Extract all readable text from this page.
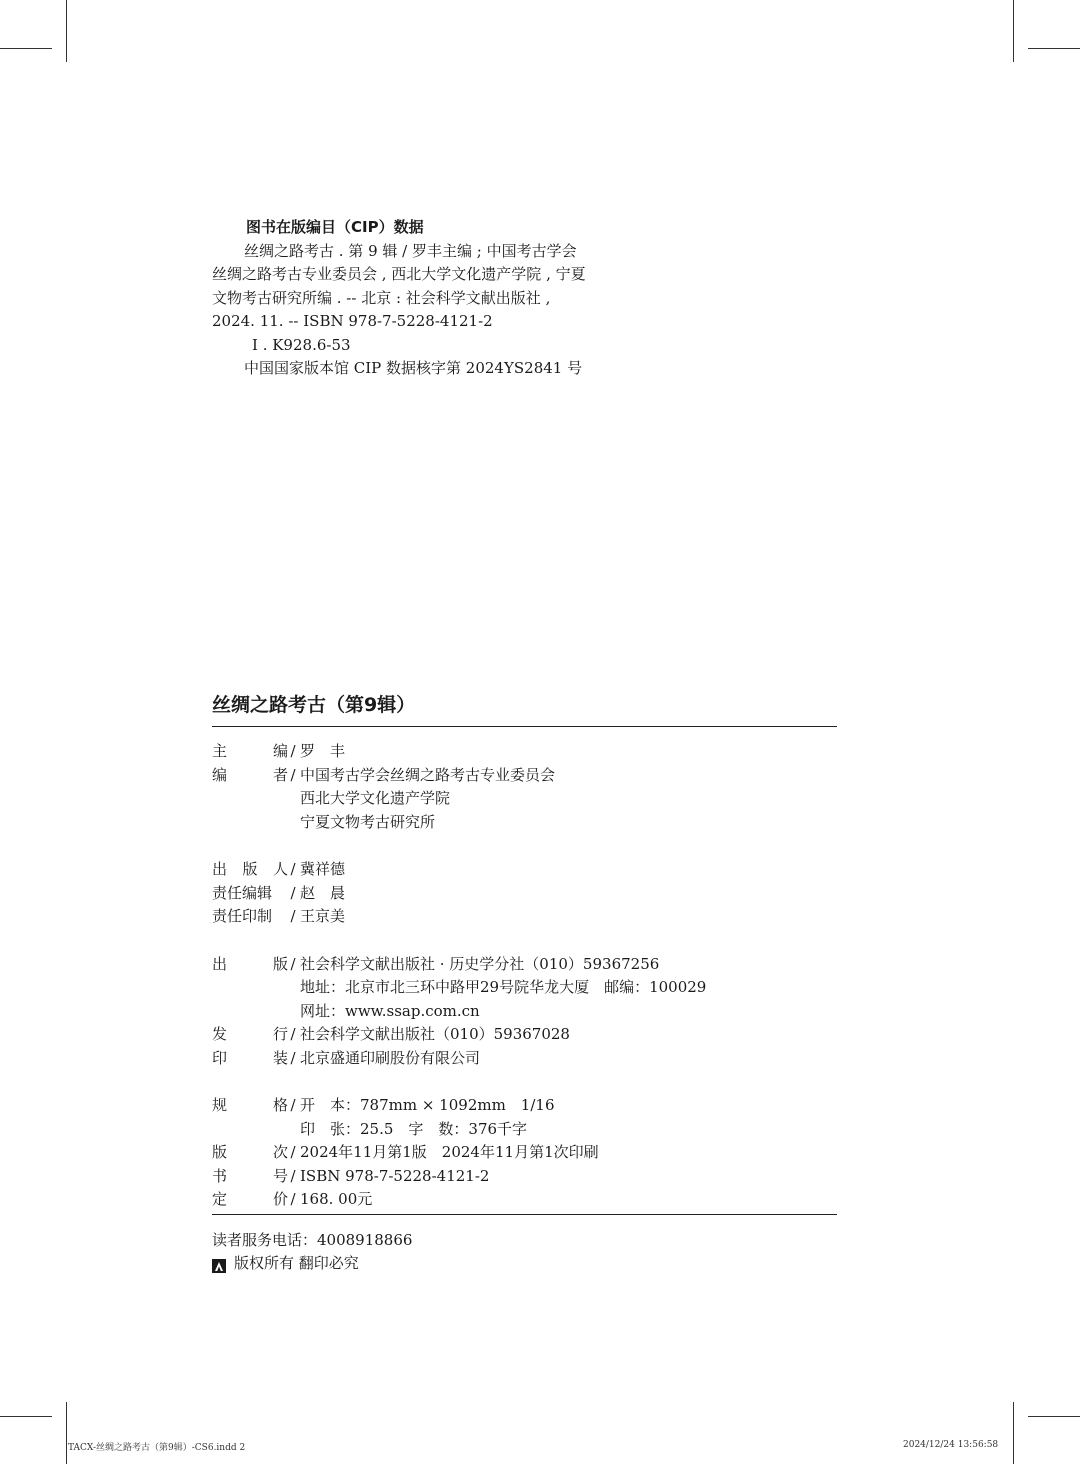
图书在版编目（CIP）数据
丝绸之路考古 . 第 9 辑 / 罗丰主编 ; 中国考古学会
丝绸之路考古专业委员会 , 西北大学文化遗产学院 , 宁夏
文物考古研究所编 . -- 北京 : 社会科学文献出版社 ,
2024. 11. -- ISBN 978-7-5228-4121-2
Ⅰ . K928.6-53
中国国家版本馆 CIP 数据核字第 2024YS2841 号
丝绸之路考古（第9辑）
主	编 / 罗　丰
编	者 / 中国考古学会丝绸之路考古专业委员会
西北大学文化遗产学院
宁夏文物考古研究所
出 版 人 / 冀祥德
责任编辑 / 赵　晨
责任印制 / 王京美
出	版 / 社会科学文献出版社 · 历史学分社（010）59367256
地址：北京市北三环中路甲29号院华龙大厦　邮编：100029
网址：www.ssap.com.cn
发	行 / 社会科学文献出版社（010）59367028
印	装 / 北京盛通印刷股份有限公司
规	格 / 开　本：787mm × 1092mm　1/16
印　张：25.5　字　数：376千字
版	次 / 2024年11月第1版　2024年11月第1次印刷
书	号 / ISBN 978-7-5228-4121-2
定	价 / 168. 00元
读者服务电话：4008918866
版权所有 翻印必究
TACX-丝绸之路考古（第9辑）-CS6.indd 2	2024/12/24 13:56:58
